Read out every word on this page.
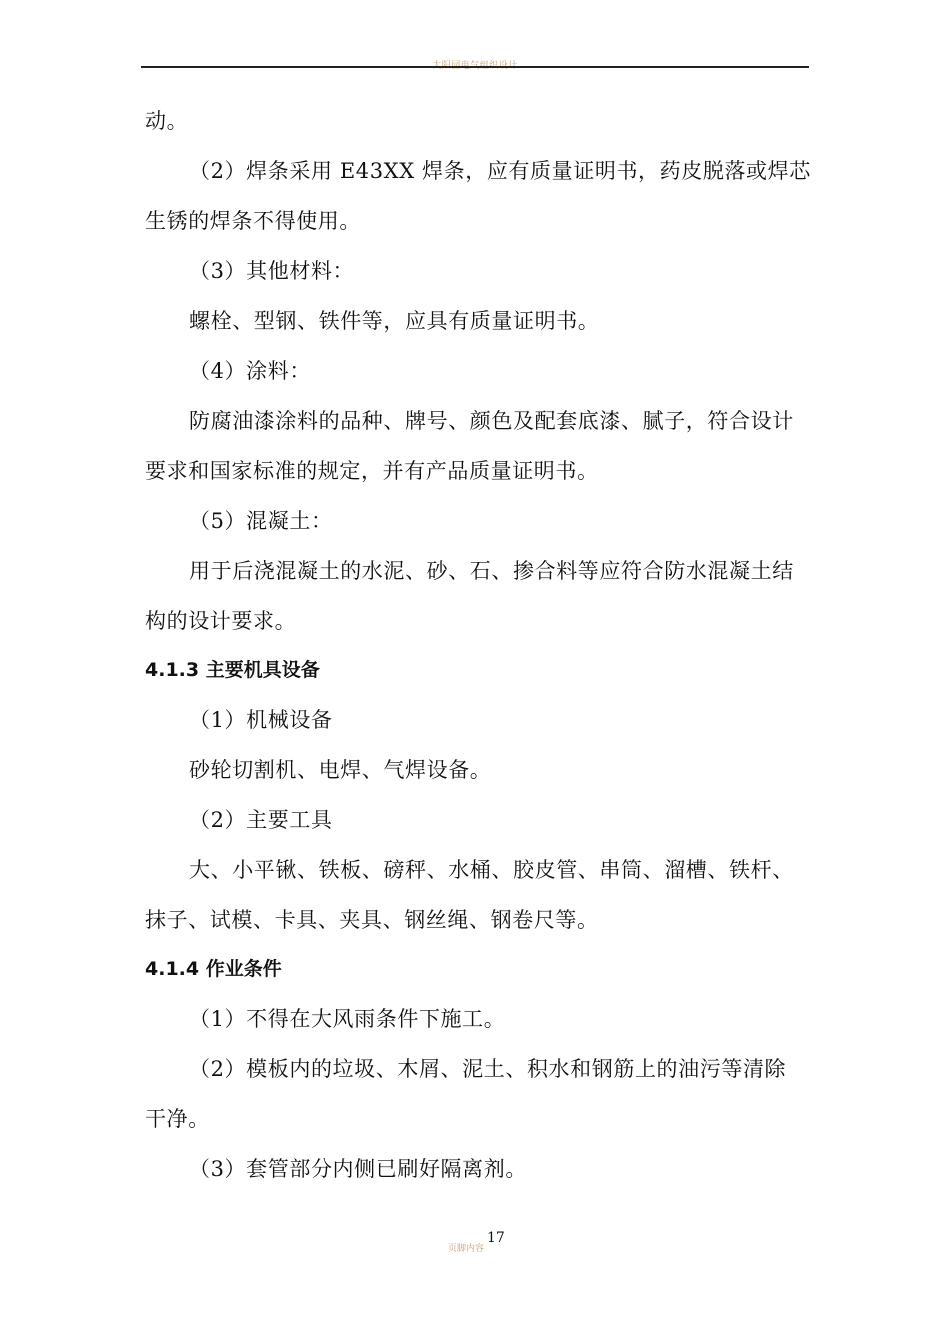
太阳园电气组织设计
动。
（2）焊条采用 E43XX 焊条，应有质量证明书，药皮脱落或焊芯
生锈的焊条不得使用。
（3）其他材料：
螺栓、型钢、铁件等，应具有质量证明书。
（4）涂料：
防腐油漆涂料的品种、牌号、颜色及配套底漆、腻子，符合设计
要求和国家标准的规定，并有产品质量证明书。
（5）混凝土：
用于后浇混凝土的水泥、砂、石、掺合料等应符合防水混凝土结
构的设计要求。
4.1.3 主要机具设备
（1）机械设备
砂轮切割机、电焊、气焊设备。
（2）主要工具
大、小平锹、铁板、磅秤、水桶、胶皮管、串筒、溜槽、铁杆、
抹子、试模、卡具、夹具、钢丝绳、钢卷尺等。
4.1.4 作业条件
（1）不得在大风雨条件下施工。
（2）模板内的垃圾、木屑、泥土、积水和钢筋上的油污等清除
干净。
（3）套管部分内侧已刷好隔离剂。
页脚内容
17
